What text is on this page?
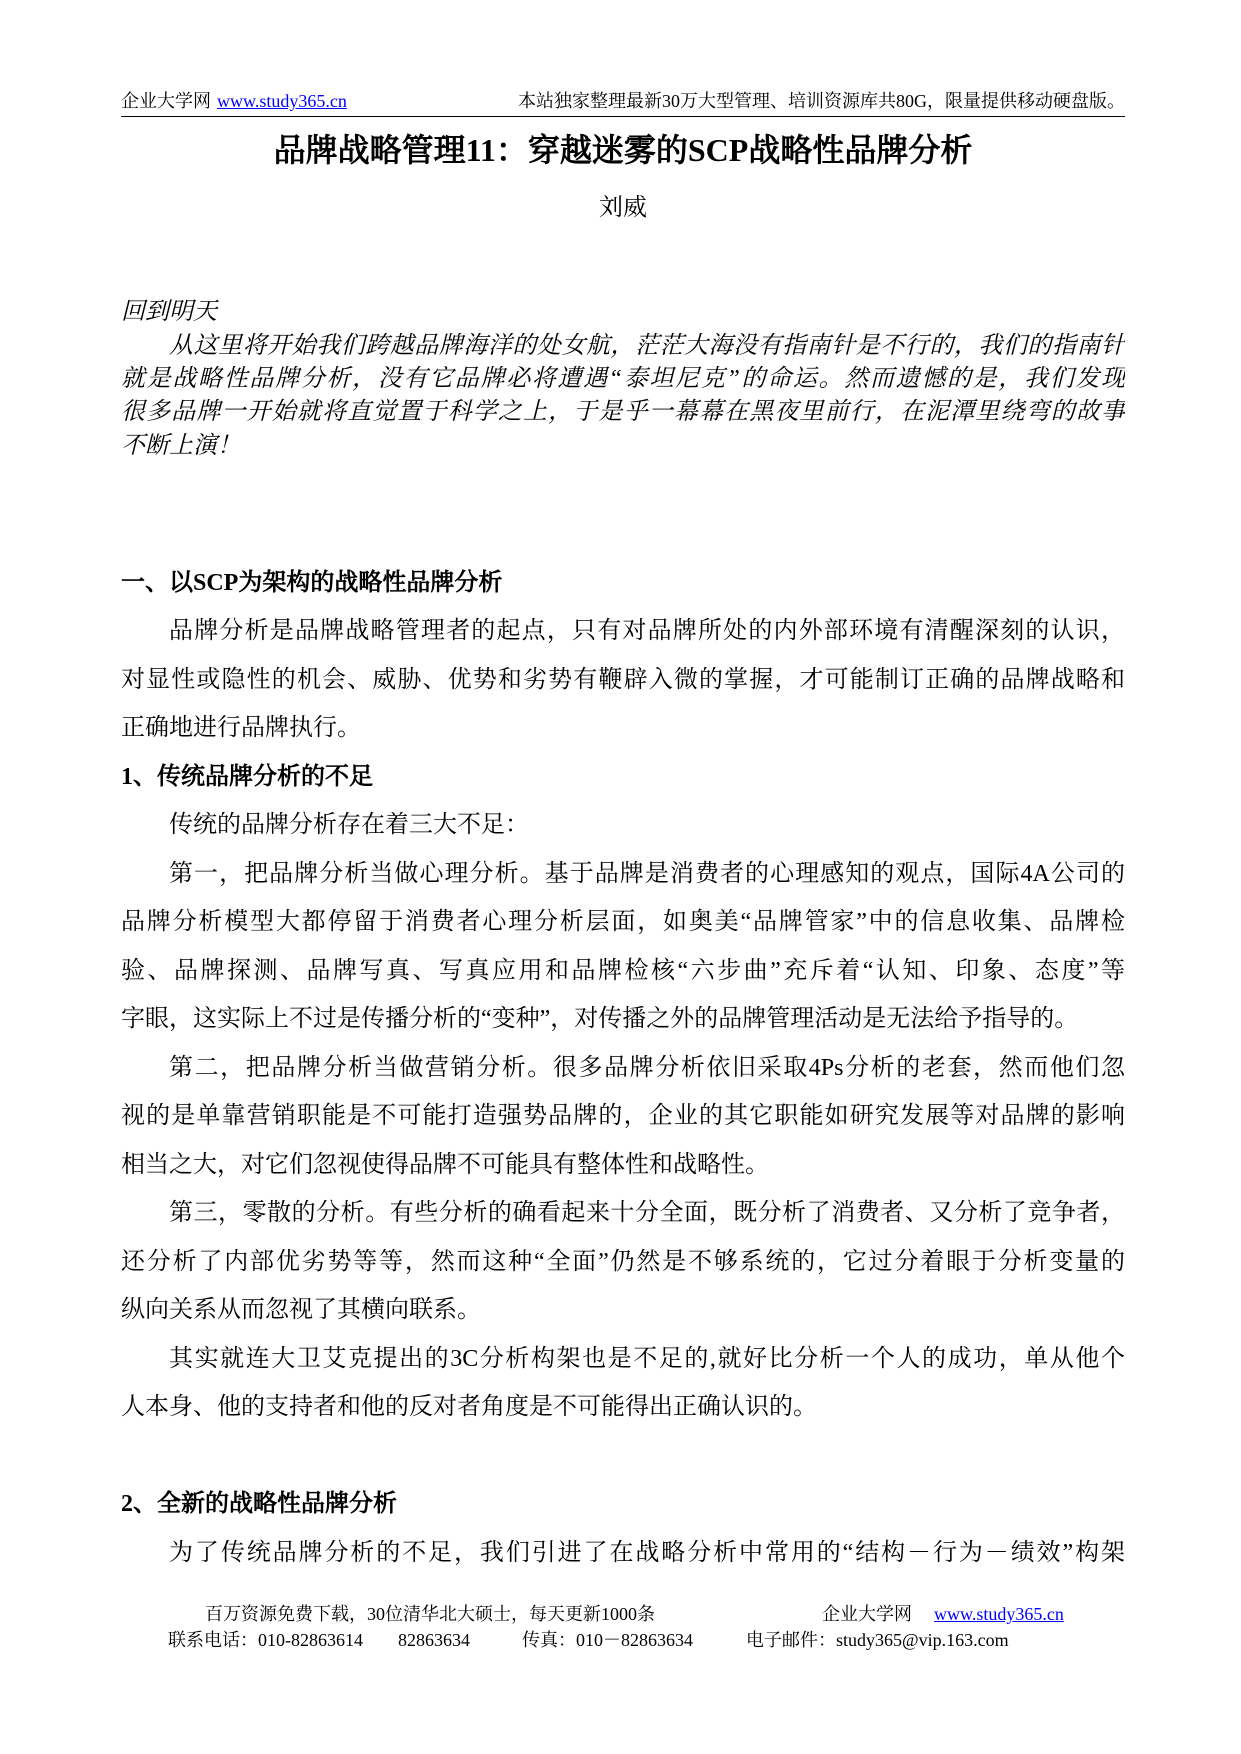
企业大学网 www.study365.cn	本站独家整理最新30万大型管理、培训资源库共80G，限量提供移动硬盘版。
品牌战略管理11：穿越迷雾的SCP战略性品牌分析
刘威
回到明天
从这里将开始我们跨越品牌海洋的处女航，茫茫大海没有指南针是不行的，我们的指南针
就是战略性品牌分析，没有它品牌必将遭遇“泰坦尼克”的命运。然而遗憾的是，我们发现
很多品牌一开始就将直觉置于科学之上，于是乎一幕幕在黑夜里前行，在泥潭里绕弯的故事
不断上演！
一、以SCP为架构的战略性品牌分析
品牌分析是品牌战略管理者的起点，只有对品牌所处的内外部环境有清醒深刻的认识，
对显性或隐性的机会、威胁、优势和劣势有鞭辟入微的掌握，才可能制订正确的品牌战略和
正确地进行品牌执行。
1、传统品牌分析的不足
传统的品牌分析存在着三大不足：
第一，把品牌分析当做心理分析。基于品牌是消费者的心理感知的观点，国际4A公司的
品牌分析模型大都停留于消费者心理分析层面，如奥美“品牌管家”中的信息收集、品牌检
验、品牌探测、品牌写真、写真应用和品牌检核“六步曲”充斥着“认知、印象、态度”等
字眼，这实际上不过是传播分析的“变种”，对传播之外的品牌管理活动是无法给予指导的。
第二，把品牌分析当做营销分析。很多品牌分析依旧采取4Ps分析的老套，然而他们忽
视的是单靠营销职能是不可能打造强势品牌的，企业的其它职能如研究发展等对品牌的影响
相当之大，对它们忽视使得品牌不可能具有整体性和战略性。
第三，零散的分析。有些分析的确看起来十分全面，既分析了消费者、又分析了竞争者，
还分析了内部优劣势等等，然而这种“全面”仍然是不够系统的，它过分着眼于分析变量的
纵向关系从而忽视了其横向联系。
其实就连大卫艾克提出的3C分析构架也是不足的,就好比分析一个人的成功，单从他个
人本身、他的支持者和他的反对者角度是不可能得出正确认识的。
2、全新的战略性品牌分析
为了传统品牌分析的不足，我们引进了在战略分析中常用的“结构－行为－绩效”构架
百万资源免费下载，30位清华北大硕士，每天更新1000条	企业大学网 www.study365.cn
联系电话：010-82863614 82863634	传真：010－82863634	电子邮件：study365@vip.163.com
